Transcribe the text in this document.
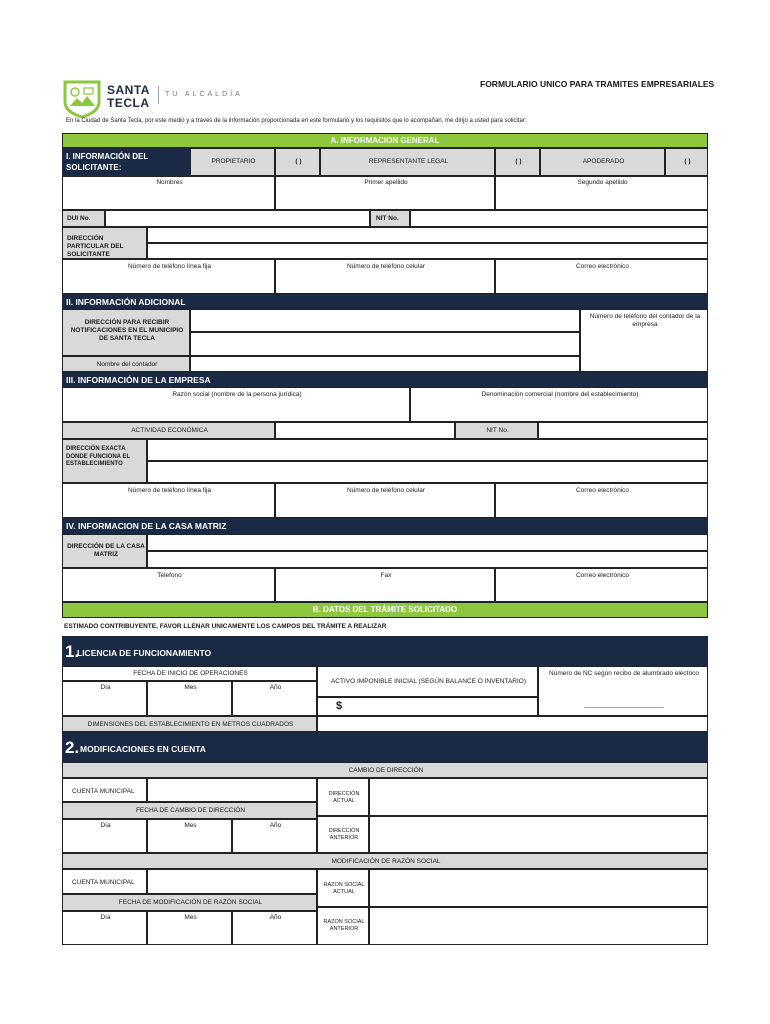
SANTA
TECLA
TU ALCALDÍA
FORMULARIO UNICO PARA TRAMITES EMPRESARIALES
En la Ciudad de Santa Tecla, por este medio y a traves de la información proporcionada en este formulario y los requisitos que lo acompañan, me dirijo a usted para solicitar:
A. INFORMACION GENERAL
I. INFORMACIÓN DEL SOLICITANTE:
PROPIETARIO	( )	REPRESENTANTE LEGAL	( )	APODERADO	( )
Nombres	Primer apellido	Segundo apellido
DUI No.	NIT No.
DIRECCIÓN PARTICULAR DEL SOLICITANTE
Número de teléfono línea fija	Número de teléfono celular	Correo electrónico
II. INFORMACIÓN ADICIONAL
DIRECCIÓN PARA RECIBIR NOTIFICACIONES EN EL MUNICIPIO DE SANTA TECLA
Número de teléfono del contador de la empresa
Nombre del contador
III. INFORMACIÓN DE LA EMPRESA
Razón social (nombre de la persona jurídica)	Denominación comercial (nombre del establecimiento)
ACTIVIDAD ECONÓMICA	NIT No.
DIRECCIÓN EXACTA DONDE FUNCIONA EL ESTABLECIMIENTO
Número de teléfono línea fija	Número de teléfono celular	Correo electrónico
IV. INFORMACION DE LA CASA MATRIZ
DIRECCIÓN DE LA CASA MATRIZ
Telefono	Fax	Correo electrónico
B. DATOS DEL TRÁMITE SOLICITADO
ESTIMADO CONTRIBUYENTE, FAVOR LLENAR UNICAMENTE LOS CAMPOS DEL TRÁMITE A REALIZAR
1.
LICENCIA DE FUNCIONAMIENTO
FECHA DE INICIO DE OPERACIONES
Día	Mes	Año
ACTIVO IMPONIBLE INICIAL (SEGÚN BALANCE O INVENTARIO)
$
Número de NC según recibo de alumbrado eléctrico
______________________
DIMENSIONES DEL ESTABLECIMIENTO EN METROS CUADRADOS
2. MODIFICACIONES EN CUENTA
CAMBIO DE DIRECCIÓN
CUENTA MUNICIPAL
FECHA DE CAMBIO DE DIRECCIÓN
Día	Mes	Año
DIRECCIÓN ACTUAL
DIRECCIÓN ANTERIOR
MODIFICACIÓN DE RAZÓN SOCIAL
CUENTA MUNICIPAL
FECHA DE MODIFICACIÓN DE RAZÓN SOCIAL
Día	Mes	Año
RAZON SOCIAL ACTUAL
RAZON SOCIAL ANTERIOR
